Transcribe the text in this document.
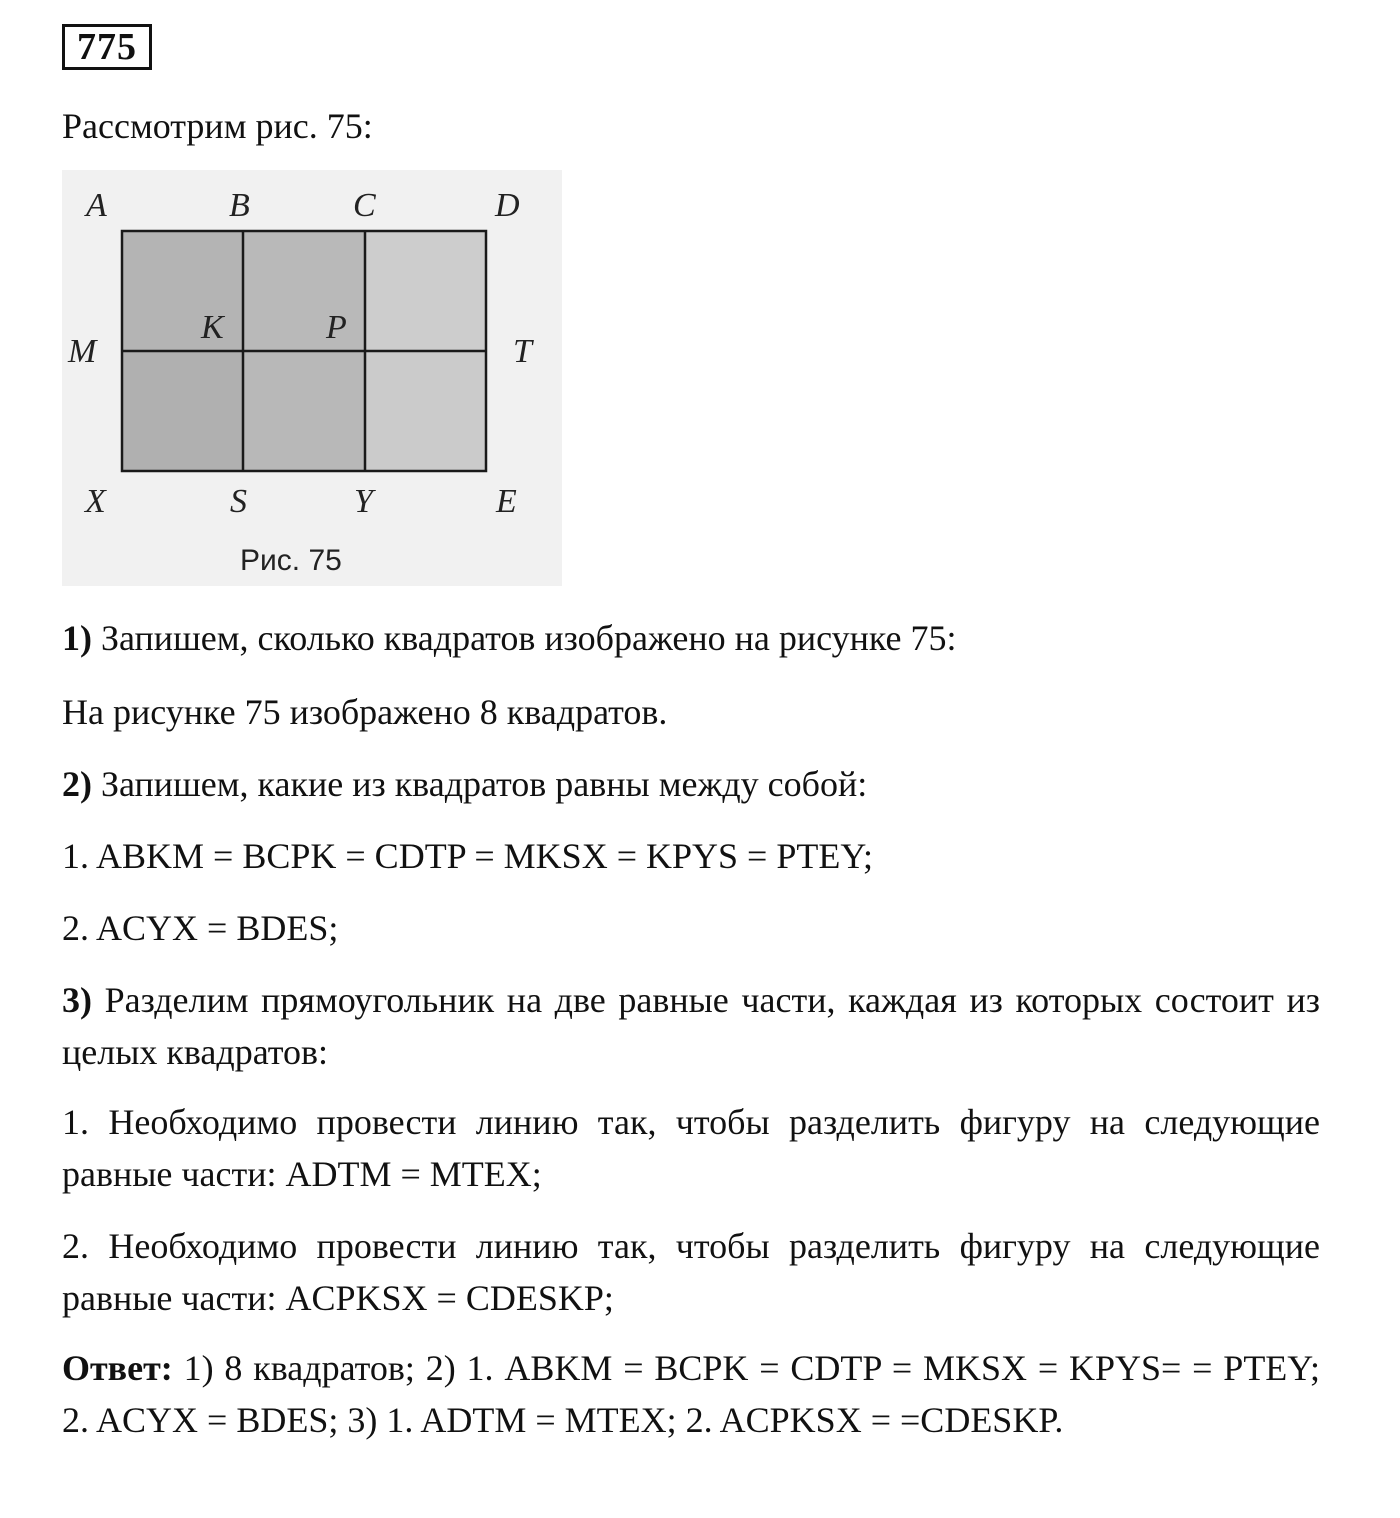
775

Рассмотрим рис. 75:

A	B	C	D
M
K	P
T
X	S	Y	E
Рис. 75

1) Запишем, сколько квадратов изображено на рисунке 75:

На рисунке 75 изображено 8 квадратов.

2) Запишем, какие из квадратов равны между собой:

1. ABKM = BCPK = CDTP = MKSX = KPYS = PTEY;

2. ACYX = BDES;

3) Разделим прямоугольник на две равные части, каждая из которых состоит из целых квадратов:

1. Необходимо провести линию так, чтобы разделить фигуру на следующие равные части: ADTM = MTEX;

2. Необходимо провести линию так, чтобы разделить фигуру на следующие равные части: ACPKSX = CDESKP;

Ответ: 1) 8 квадратов; 2) 1. ABKM = BCPK = CDTP = MKSX = KPYS= = PTEY; 2. ACYX = BDES; 3) 1. ADTM = MTEX; 2. ACPKSX = =CDESKP.
